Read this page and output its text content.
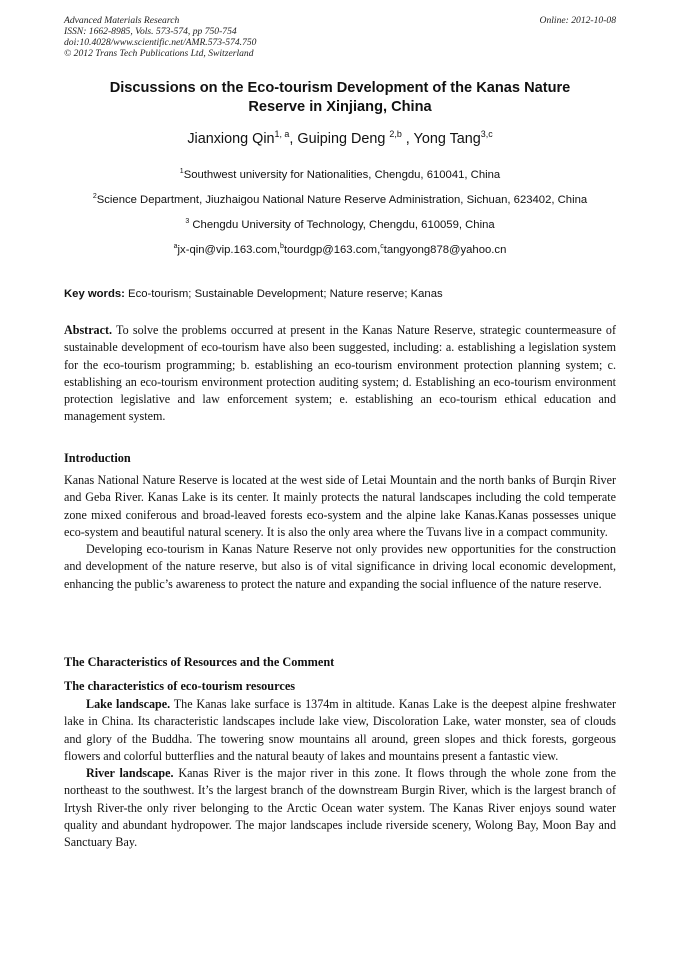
Advanced Materials Research
ISSN: 1662-8985, Vols. 573-574, pp 750-754
doi:10.4028/www.scientific.net/AMR.573-574.750
© 2012 Trans Tech Publications Ltd, Switzerland
Online: 2012-10-08
Discussions on the Eco-tourism Development of the Kanas Nature
Reserve in Xinjiang, China
Jianxiong Qin$^{1, a}$, Guiping Deng $^{2,b}$ , Yong Tang$^{3,c}$
$^1$Southwest university for Nationalities, Chengdu, 610041, China
$^2$Science Department, Jiuzhaigou National Nature Reserve Administration, Sichuan, 623402, China
$^3$ Chengdu University of Technology, Chengdu, 610059, China
$^a$jx-qin@vip.163.com,$^b$tourdgp@163.com,$^c$tangyong878@yahoo.cn
Key words: Eco-tourism; Sustainable Development; Nature reserve; Kanas

Abstract. To solve the problems occurred at present in the Kanas Nature Reserve, strategic countermeasure of sustainable development of eco-tourism have also been suggested, including: a. establishing a legislation system for the eco-tourism programming; b. establishing an eco-tourism environment protection planning system; c. establishing an eco-tourism environment protection auditing system; d. Establishing an eco-tourism environment protection legislative and law enforcement system; e. establishing an eco-tourism ethical education and management system.

Introduction

Kanas National Nature Reserve is located at the west side of Letai Mountain and the north banks of Burqin River and Geba River. Kanas Lake is its center. It mainly protects the natural landscapes including the cold temperate zone mixed coniferous and broad-leaved forests eco-system and the alpine lake Kanas.Kanas possesses unique eco-system and beautiful natural scenery. It is also the only area where the Tuvans live in a compact community.

Developing eco-tourism in Kanas Nature Reserve not only provides new opportunities for the construction and development of the nature reserve, but also is of vital significance in driving local economic development, enhancing the public’s awareness to protect the nature and expanding the social influence of the nature reserve.

The Characteristics of Resources and the Comment
The characteristics of eco-tourism resources

Lake landscape. The Kanas lake surface is 1374m in altitude. Kanas Lake is the deepest alpine freshwater lake in China. Its characteristic landscapes include lake view, Discoloration Lake, water monster, sea of clouds and glory of the Buddha. The towering snow mountains all around, green slopes and thick forests, gorgeous flowers and colorful butterflies and the natural beauty of lakes and mountains present a fantastic view.

River landscape. Kanas River is the major river in this zone. It flows through the whole zone from the northeast to the southwest. It’s the largest branch of the downstream Burgin River, which is the largest branch of Irtysh River-the only river belonging to the Arctic Ocean water system. The Kanas River enjoys sound water quality and abundant hydropower. The major landscapes include riverside scenery, Wolong Bay, Moon Bay and Sanctuary Bay.
